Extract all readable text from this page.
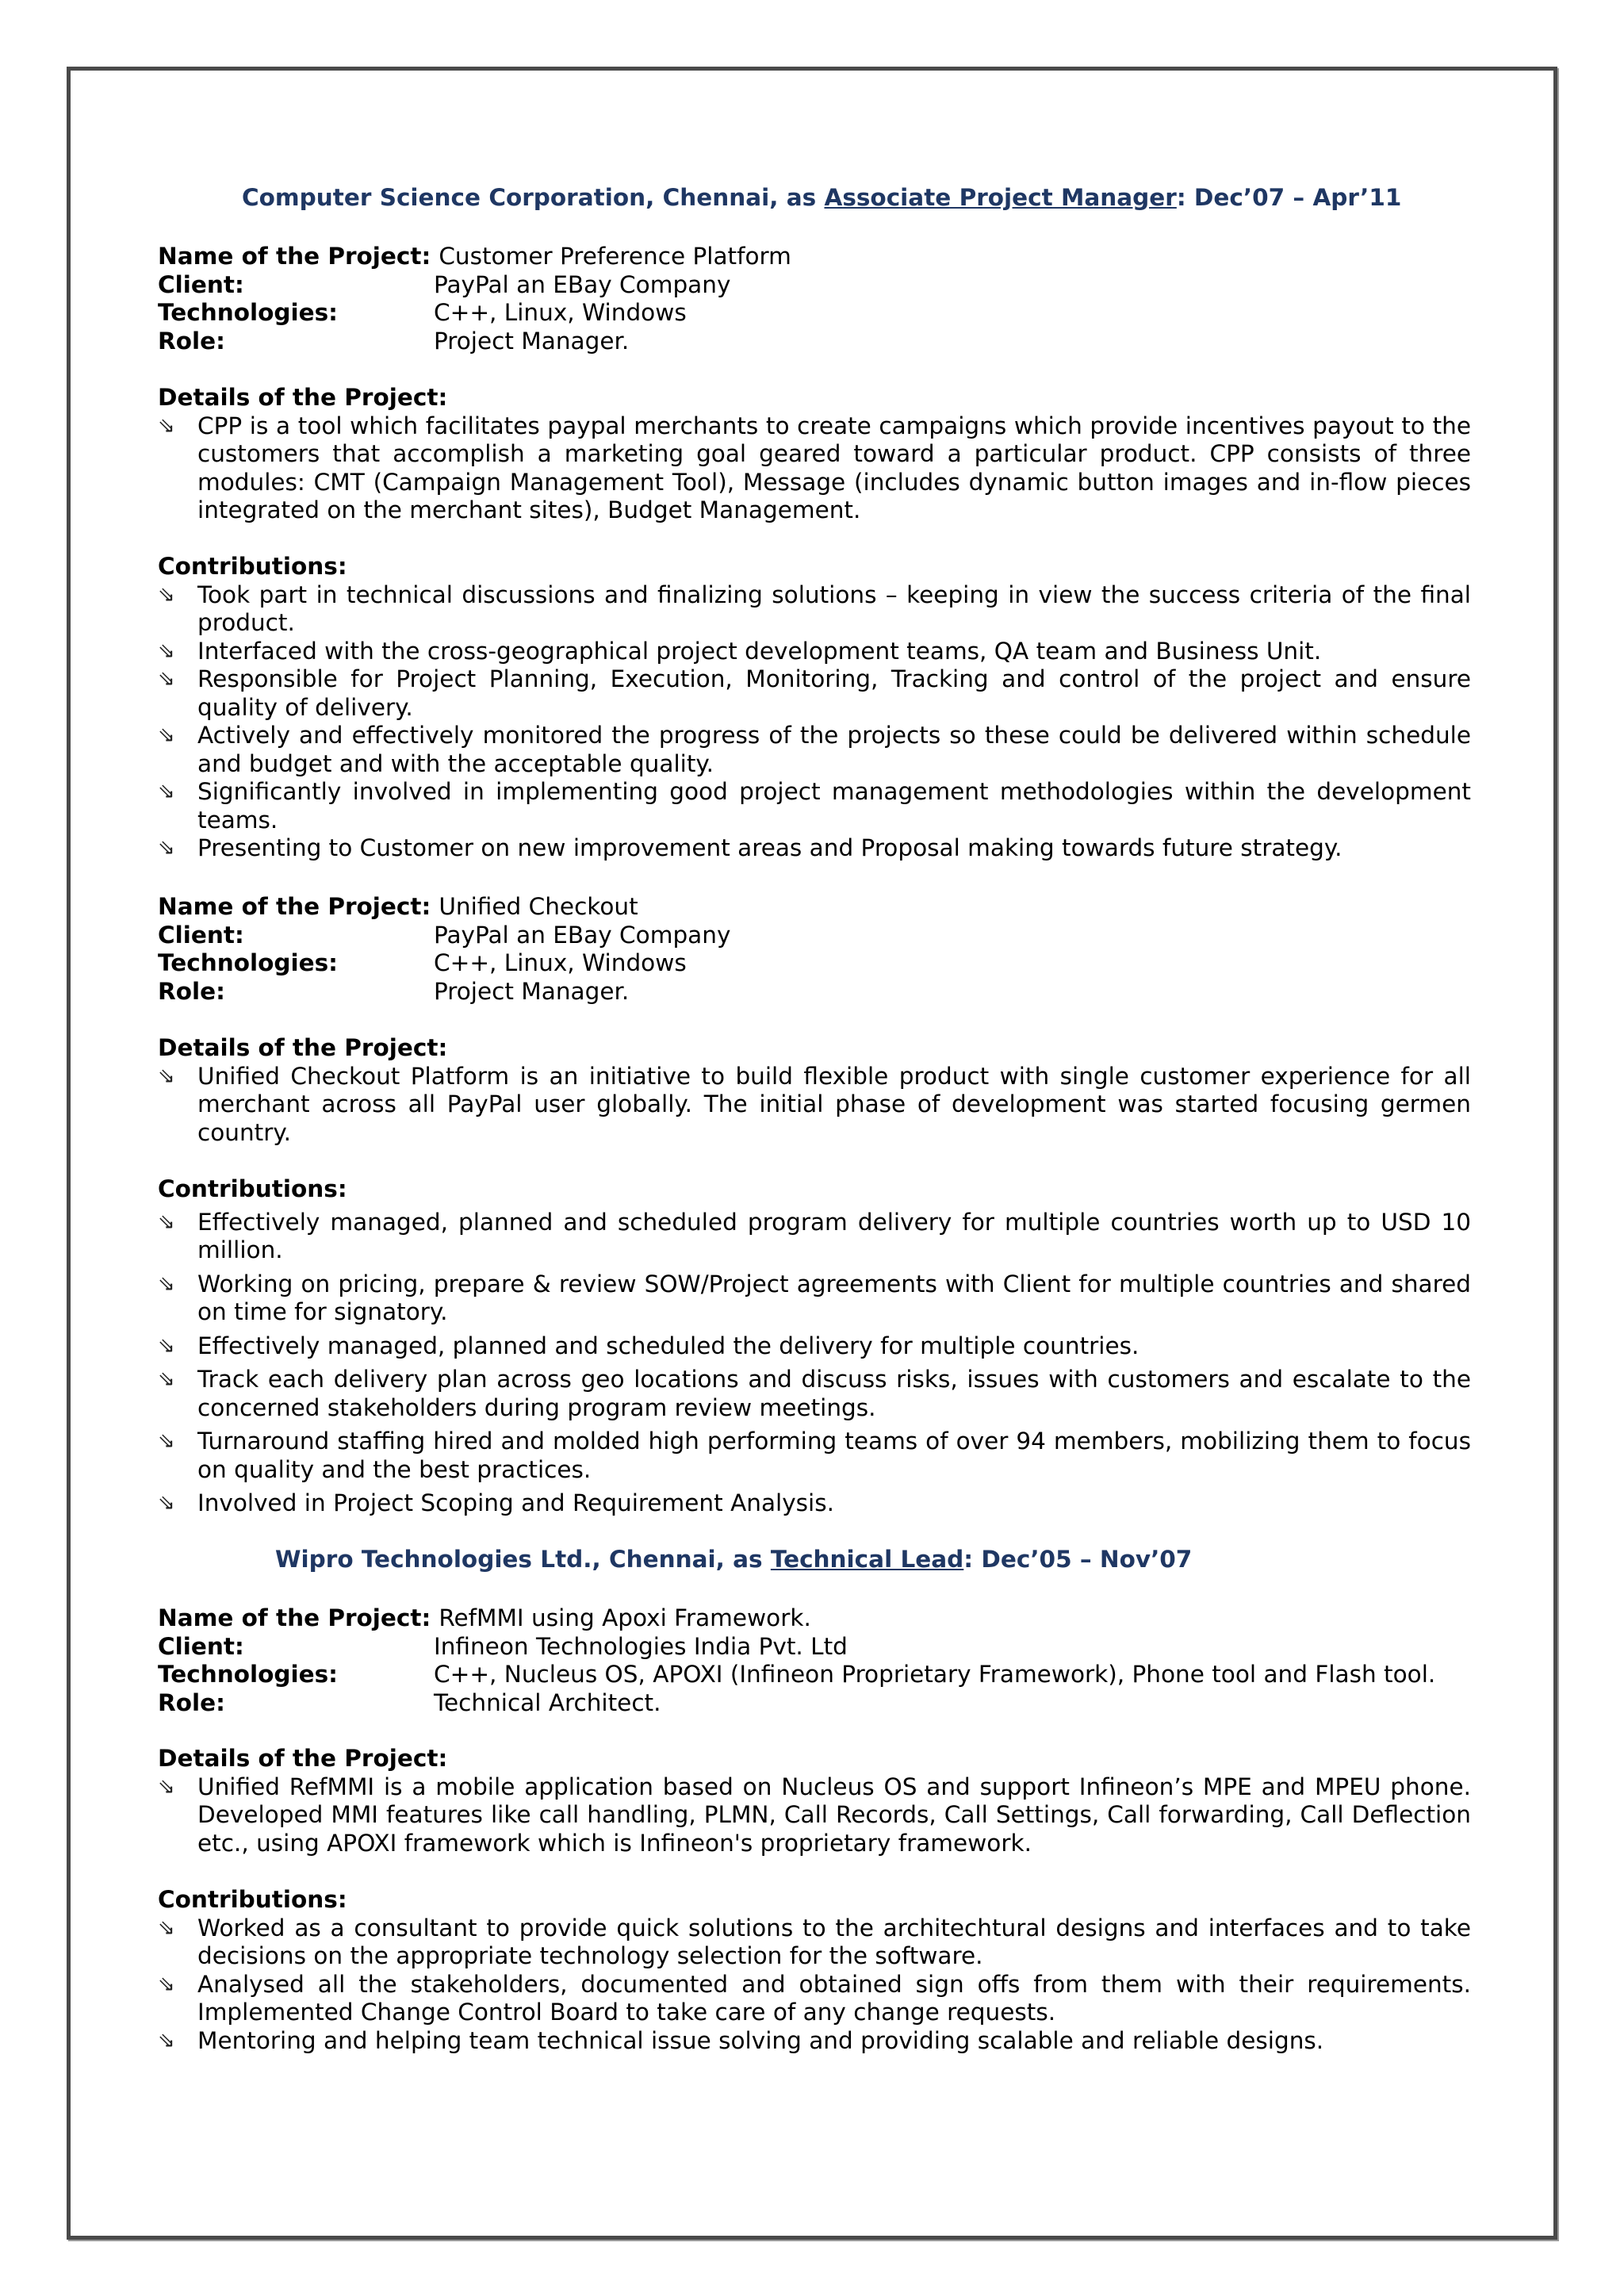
Computer Science Corporation, Chennai, as Associate Project Manager: Dec’07 – Apr’11

Name of the Project: Customer Preference Platform
Client:	PayPal an EBay Company
Technologies:	C++, Linux, Windows
Role:	Project Manager.

Details of the Project:

⇘ CPP is a tool which facilitates paypal merchants to create campaigns which provide incentives payout to the customers that accomplish a marketing goal geared toward a particular product. CPP consists of three modules: CMT (Campaign Management Tool), Message (includes dynamic button images and in-flow pieces integrated on the merchant sites), Budget Management.

Contributions:

⇘ Took part in technical discussions and finalizing solutions – keeping in view the success criteria of the final product.
⇘ Interfaced with the cross-geographical project development teams, QA team and Business Unit.
⇘ Responsible for Project Planning, Execution, Monitoring, Tracking and control of the project and ensure quality of delivery.
⇘ Actively and effectively monitored the progress of the projects so these could be delivered within schedule and budget and with the acceptable quality.
⇘ Significantly involved in implementing good project management methodologies within the development teams.
⇘ Presenting to Customer on new improvement areas and Proposal making towards future strategy.
Name of the Project: Unified Checkout
Client:	PayPal an EBay Company
Technologies:	C++, Linux, Windows
Role:	Project Manager.

Details of the Project:

⇘ Unified Checkout Platform is an initiative to build flexible product with single customer experience for all merchant across all PayPal user globally. The initial phase of development was started focusing germen country.

Contributions:

⇘ Effectively managed, planned and scheduled program delivery for multiple countries worth up to USD 10 million.
⇘ Working on pricing, prepare & review SOW/Project agreements with Client for multiple countries and shared on time for signatory.
⇘ Effectively managed, planned and scheduled the delivery for multiple countries.
⇘ Track each delivery plan across geo locations and discuss risks, issues with customers and escalate to the concerned stakeholders during program review meetings.
⇘ Turnaround staffing hired and molded high performing teams of over 94 members, mobilizing them to focus on quality and the best practices.
⇘ Involved in Project Scoping and Requirement Analysis.

Wipro Technologies Ltd., Chennai, as Technical Lead: Dec’05 – Nov’07

Name of the Project: RefMMI using Apoxi Framework.
Client:	Infineon Technologies India Pvt. Ltd
Technologies:	C++, Nucleus OS, APOXI (Infineon Proprietary Framework), Phone tool and Flash tool.
Role:	Technical Architect.

Details of the Project:

⇘ Unified RefMMI is a mobile application based on Nucleus OS and support Infineon’s MPE and MPEU phone. Developed MMI features like call handling, PLMN, Call Records, Call Settings, Call forwarding, Call Deflection etc., using APOXI framework which is Infineon's proprietary framework.

Contributions:

⇘ Worked as a consultant to provide quick solutions to the architechtural designs and interfaces and to take decisions on the appropriate technology selection for the software.
⇘ Analysed all the stakeholders, documented and obtained sign offs from them with their requirements. Implemented Change Control Board to take care of any change requests.
⇘ Mentoring and helping team technical issue solving and providing scalable and reliable designs.
